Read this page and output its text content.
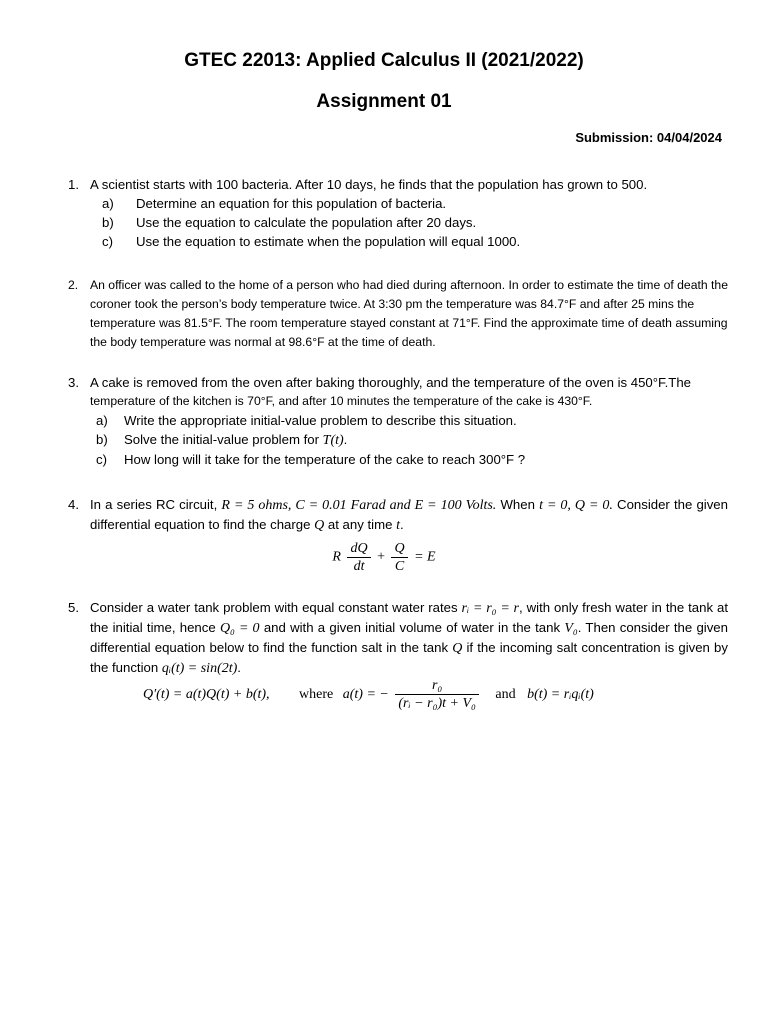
GTEC 22013: Applied Calculus II (2021/2022)
Assignment 01
Submission: 04/04/2024
1. A scientist starts with 100 bacteria. After 10 days, he finds that the population has grown to 500.
a)	Determine an equation for this population of bacteria.
b)	Use the equation to calculate the population after 20 days.
c)	Use the equation to estimate when the population will equal 1000.
2. An officer was called to the home of a person who had died during afternoon. In order to estimate the time of death the coroner took the person’s body temperature twice. At 3:30 pm the temperature was 84.7°F and after 25 mins the temperature was 81.5°F. The room temperature stayed constant at 71°F. Find the approximate time of death assuming the body temperature was normal at 98.6°F at the time of death.
3. A cake is removed from the oven after baking thoroughly, and the temperature of the oven is 450°F.The
temperature of the kitchen is 70°F, and after 10 minutes the temperature of the cake is 430°F.
a)	Write the appropriate initial-value problem to describe this situation.
b)	Solve the initial-value problem for T(t).
c)	How long will it take for the temperature of the cake to reach 300°F ?
4. In a series RC circuit, R = 5 ohms, C = 0.01 Farad and E = 100 Volts. When t = 0, Q = 0. Consider the given differential equation to find the charge Q at any time t.
R $\frac{dQ}{dt} + \frac{Q}{C} = E$
5. Consider a water tank problem with equal constant water rates rᵢ = r₀ = r, with only fresh water in the tank at the initial time, hence Q₀ = 0 and with a given initial volume of water in the tank V₀. Then consider the given differential equation below to find the function salt in the tank Q if the incoming salt concentration is given by the function qᵢ(t) = sin(2t).
Q′(t) = a(t)Q(t) + b(t), where a(t) = − $\frac{\text{r₀}}{\text{(rᵢ − r₀)t + V₀}}$ and b(t) = rᵢqᵢ(t)
